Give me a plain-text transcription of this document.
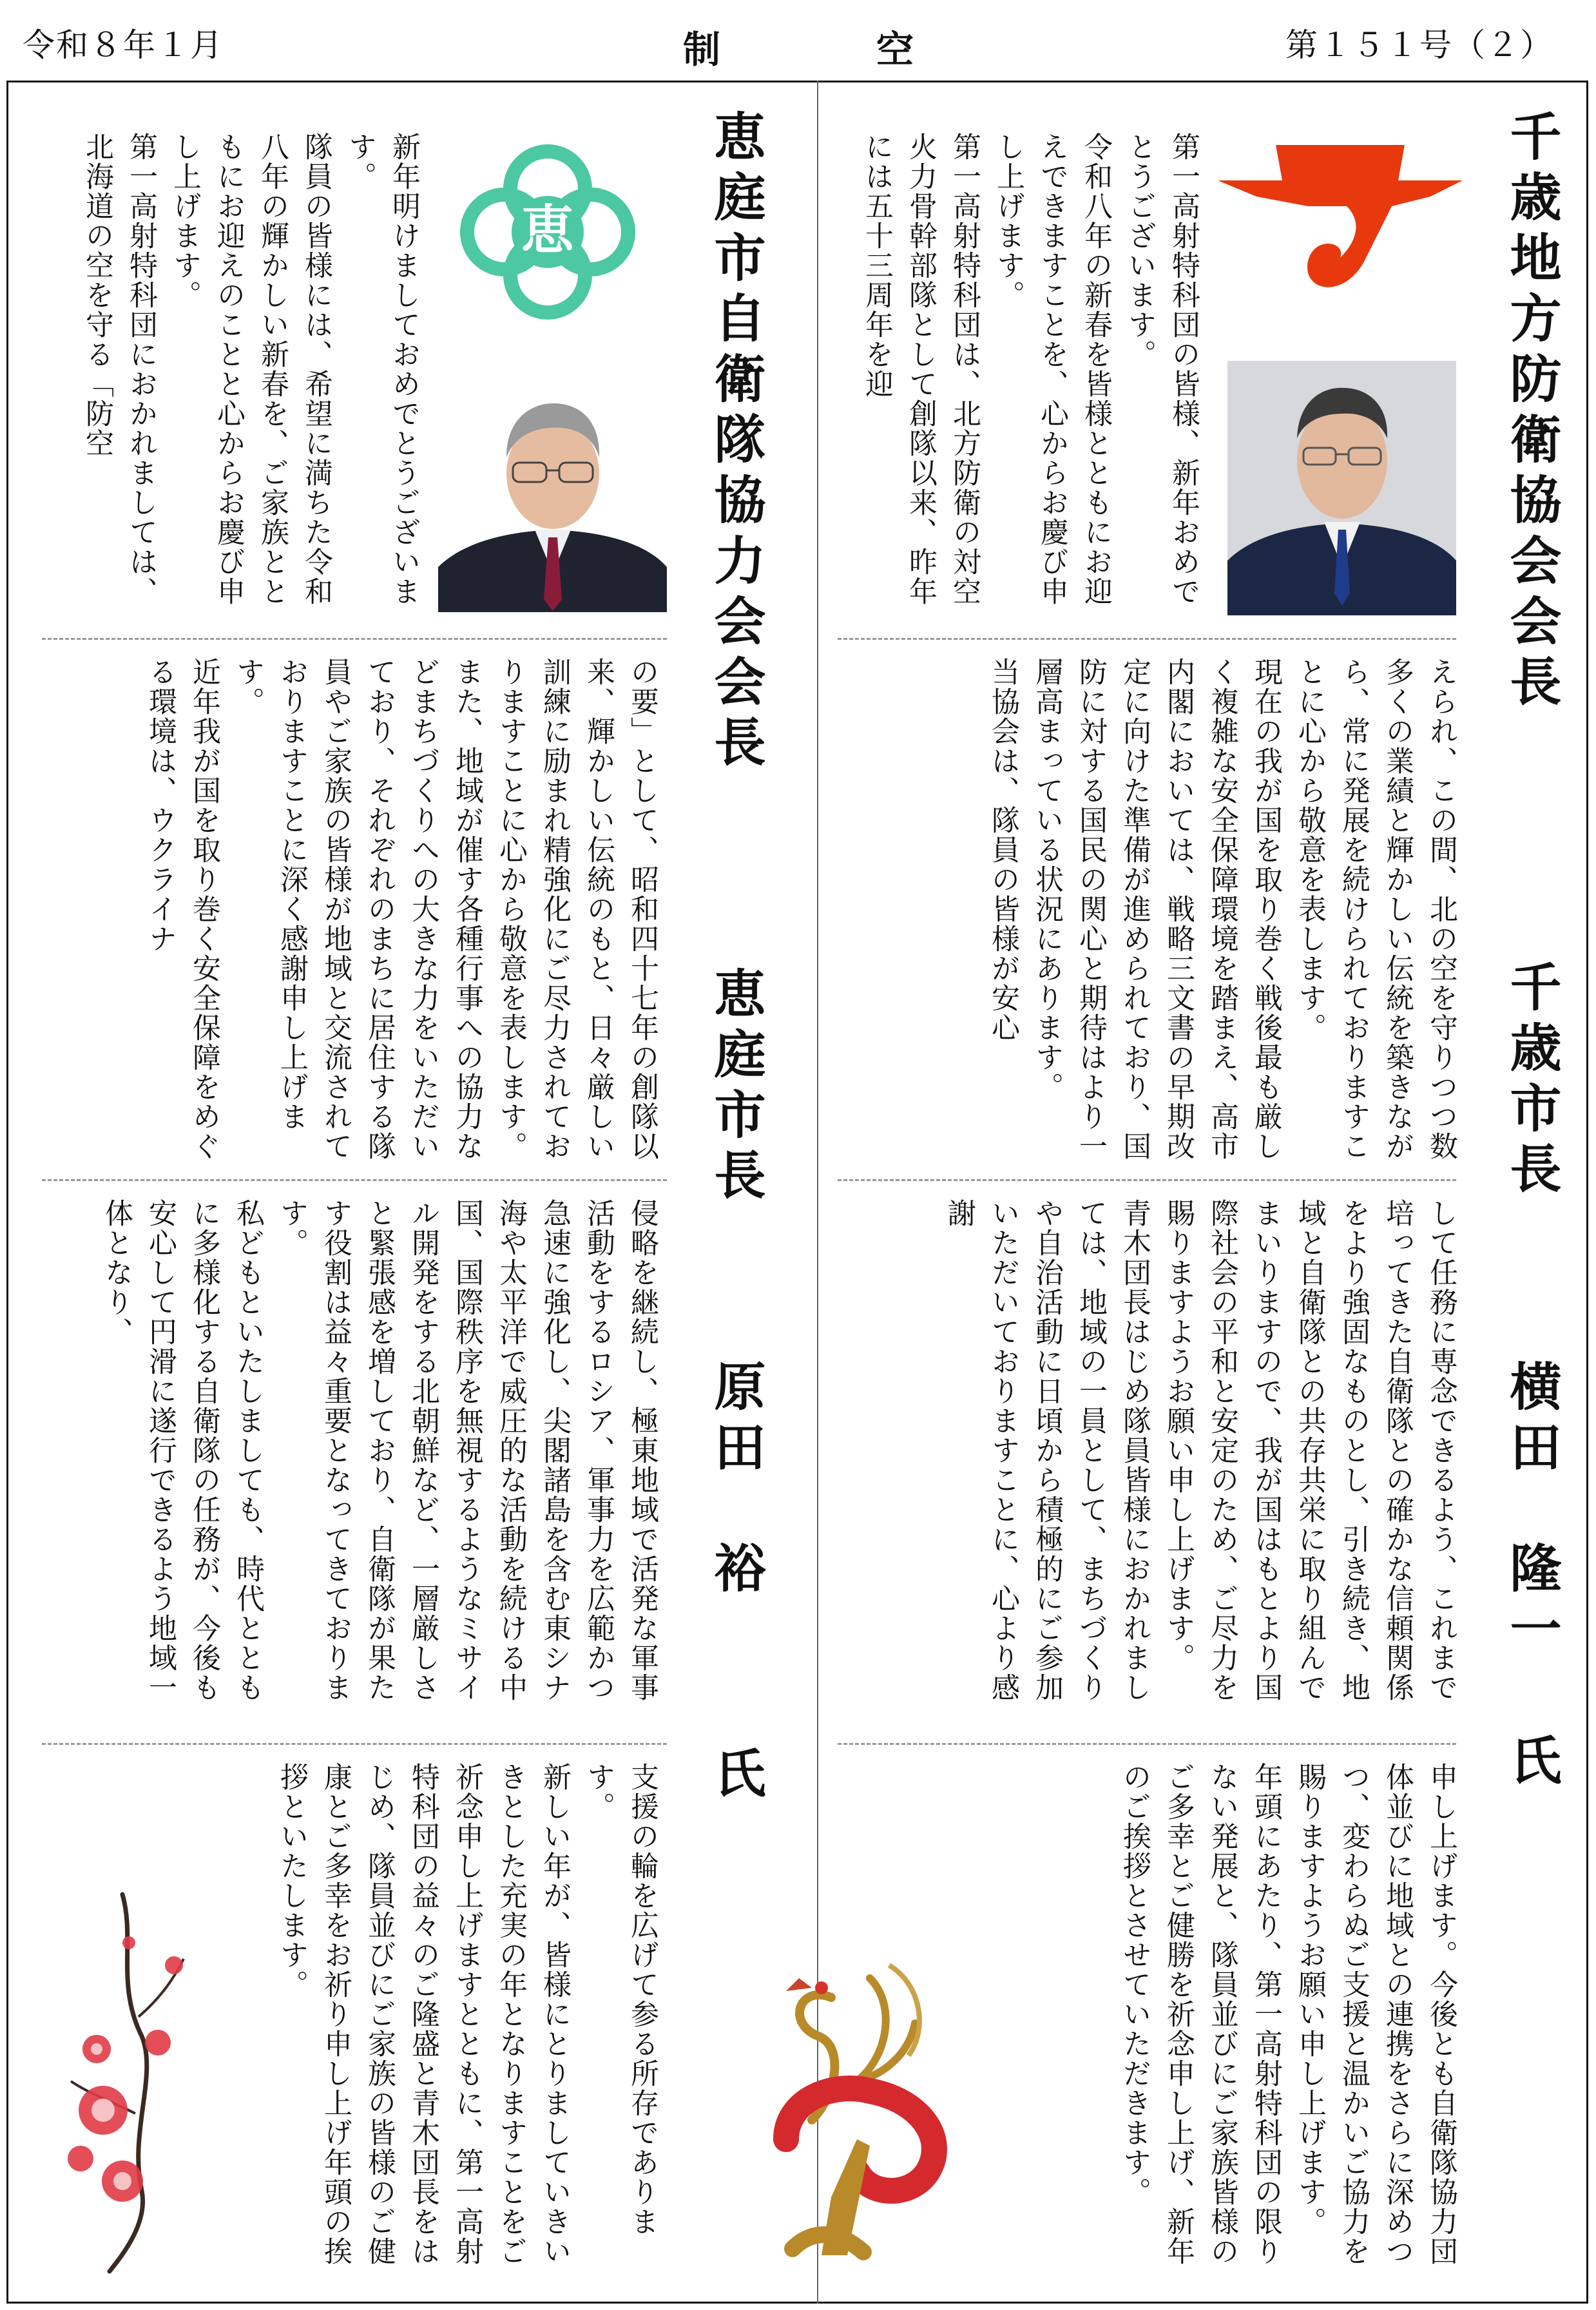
令和８年１月	制	空	第１５１号（２）
千歳地方防衛協会会長
千歳市長
横田　隆一
氏
第一高射特科団の皆様、新年おめでとうございます。
令和八年の新春を皆様とともにお迎えできますことを、心からお慶び申し上げます。
第一高射特科団は、北方防衛の対空火力骨幹部隊として創隊以来、昨年には五十三周年を迎
えられ、この間、北の空を守りつつ数多くの業績と輝かしい伝統を築きながら、常に発展を続けられておりますことに心から敬意を表します。
現在の我が国を取り巻く戦後最も厳しく複雑な安全保障環境を踏まえ、高市内閣においては、戦略三文書の早期改定に向けた準備が進められており、国防に対する国民の関心と期待はより一層高まっている状況にあります。
当協会は、隊員の皆様が安心
して任務に専念できるよう、これまで培ってきた自衛隊との確かな信頼関係をより強固なものとし、引き続き、地域と自衛隊との共存共栄に取り組んでまいりますので、我が国はもとより国際社会の平和と安定のため、ご尽力を賜りますようお願い申し上げます。
青木団長はじめ隊員皆様におかれましては、地域の一員として、まちづくりや自治活動に日頃から積極的にご参加いただいておりますことに、心より感謝
申し上げます。今後とも自衛隊協力団体並びに地域との連携をさらに深めつつ、変わらぬご支援と温かいご協力を賜りますようお願い申し上げます。
年頭にあたり、第一高射特科団の限りない発展と、隊員並びにご家族皆様のご多幸とご健勝を祈念申し上げ、新年のご挨拶とさせていただきます。
恵庭市自衛隊協力会会長
恵庭市長
原田　裕
氏
恵
新年明けましておめでとうございます。
隊員の皆様には、希望に満ちた令和八年の輝かしい新春を、ご家族とともにお迎えのことと心からお慶び申し上げます。
第一高射特科団におかれましては、北海道の空を守る「防空
の要」として、昭和四十七年の創隊以来、輝かしい伝統のもと、日々厳しい訓練に励まれ精強化にご尽力されておりますことに心から敬意を表します。
また、地域が催す各種行事への協力などまちづくりへの大きな力をいただいており、それぞれのまちに居住する隊員やご家族の皆様が地域と交流されておりますことに深く感謝申し上げます。
近年我が国を取り巻く安全保障をめぐる環境は、ウクライナ
侵略を継続し、極東地域で活発な軍事活動をするロシア、軍事力を広範かつ急速に強化し、尖閣諸島を含む東シナ海や太平洋で威圧的な活動を続ける中国、国際秩序を無視するようなミサイル開発をする北朝鮮など、一層厳しさと緊張感を増しており、自衛隊が果たす役割は益々重要となってきております。
私どもといたしましても、時代とともに多様化する自衛隊の任務が、今後も安心して円滑に遂行できるよう地域一体となり、
支援の輪を広げて参る所存であります。
新しい年が、皆様にとりましていきいきとした充実の年となりますことをご祈念申し上げますとともに、第一高射特科団の益々のご隆盛と青木団長をはじめ、隊員並びにご家族の皆様のご健康とご多幸をお祈り申し上げ年頭の挨拶といたします。
